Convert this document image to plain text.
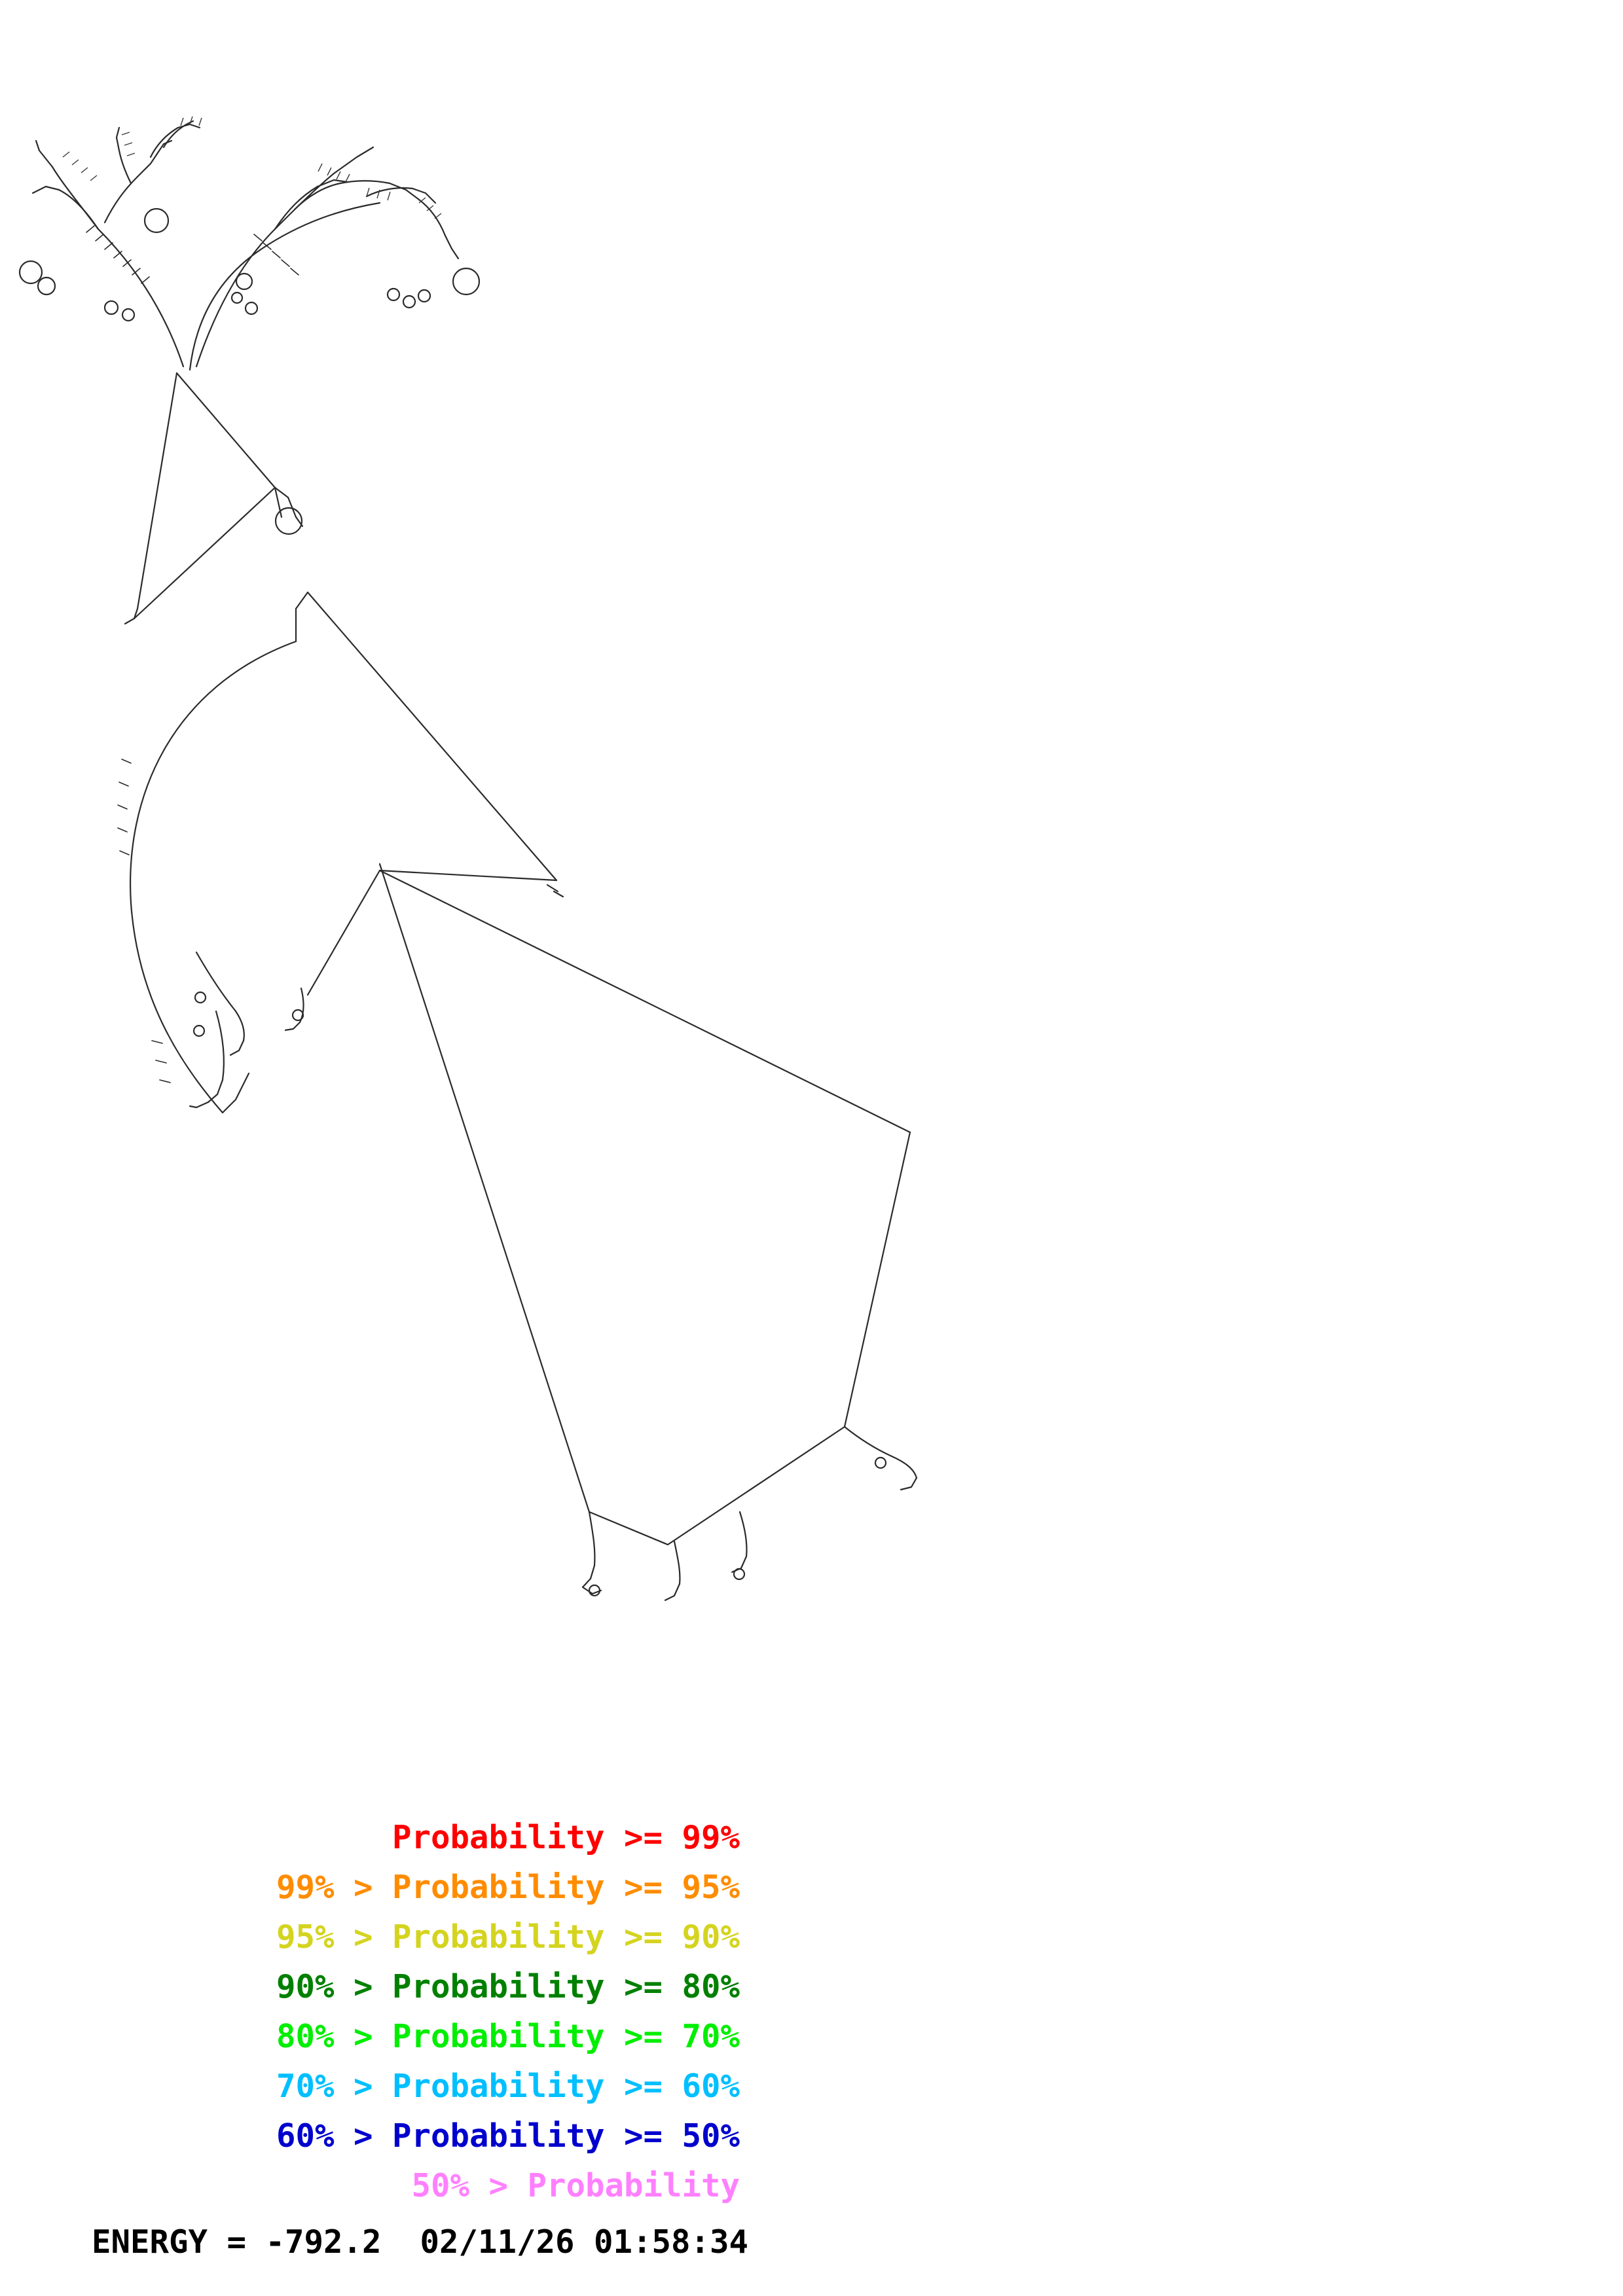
Probability >= 99%
99% > Probability >= 95%
95% > Probability >= 90%
90% > Probability >= 80%
80% > Probability >= 70%
70% > Probability >= 60%
60% > Probability >= 50%
50% > Probability
ENERGY = -792.2  02/11/26 01:58:34
